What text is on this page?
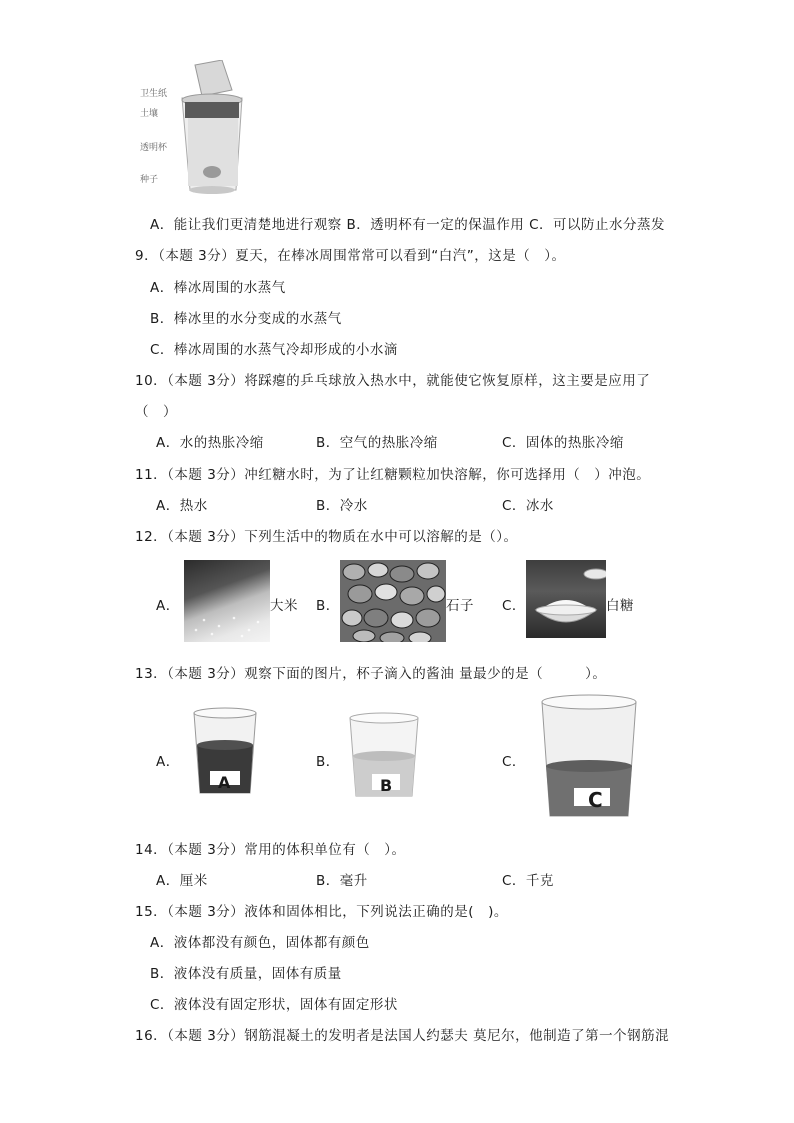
卫生纸
土壤
透明杯
种子
A．能让我们更清楚地进行观察 B．透明杯有一定的保温作用 C．可以防止水分蒸发
9．（本题 3分）夏天，在棒冰周围常常可以看到“白汽”，这是（　）。
A．棒冰周围的水蒸气
B．棒冰里的水分变成的水蒸气
C．棒冰周围的水蒸气冷却形成的小水滴
10．（本题 3分）将踩瘪的乒乓球放入热水中，就能使它恢复原样，这主要是应用了
（　）
A．水的热胀冷缩	B．空气的热胀冷缩	C．固体的热胀冷缩
11．（本题 3分）冲红糖水时，为了让红糖颗粒加快溶解，你可选择用（　）冲泡。
A．热水	B．冷水	C．冰水
12．（本题 3分）下列生活中的物质在水中可以溶解的是（）。
A．	大米 B．	石子 C．	白糖
13．（本题 3分）观察下面的图片，杯子滴入的酱油 量最少的是（　　　）。
A．
A
B．
B
C．
C
14．（本题 3分）常用的体积单位有（　）。
A．厘米	B．毫升	C．千克
15．（本题 3分）液体和固体相比，下列说法正确的是(　)。
A．液体都没有颜色，固体都有颜色
B．液体没有质量，固体有质量
C．液体没有固定形状，固体有固定形状
16．（本题 3分）钢筋混凝土的发明者是法国人约瑟夫 莫尼尔，他制造了第一个钢筋混
